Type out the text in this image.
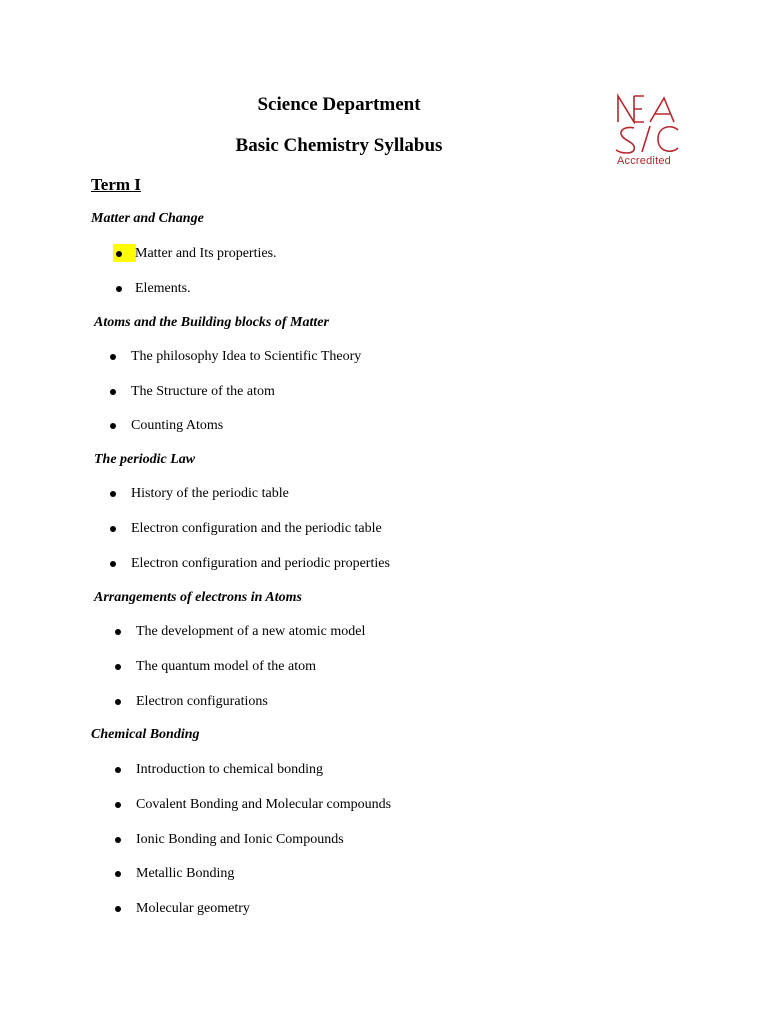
Science Department
Basic Chemistry Syllabus
Accredited
Term I
Matter and Change
Matter and Its properties.
Elements.
Atoms and the Building blocks of Matter
The philosophy Idea to Scientific Theory
The Structure of the atom
Counting Atoms
The periodic Law
History of the periodic table
Electron configuration and the periodic table
Electron configuration and periodic properties
Arrangements of electrons in Atoms
The development of a new atomic model
The quantum model of the atom
Electron configurations
Chemical Bonding
Introduction to chemical bonding
Covalent Bonding and Molecular compounds
Ionic Bonding and Ionic Compounds
Metallic Bonding
Molecular geometry
